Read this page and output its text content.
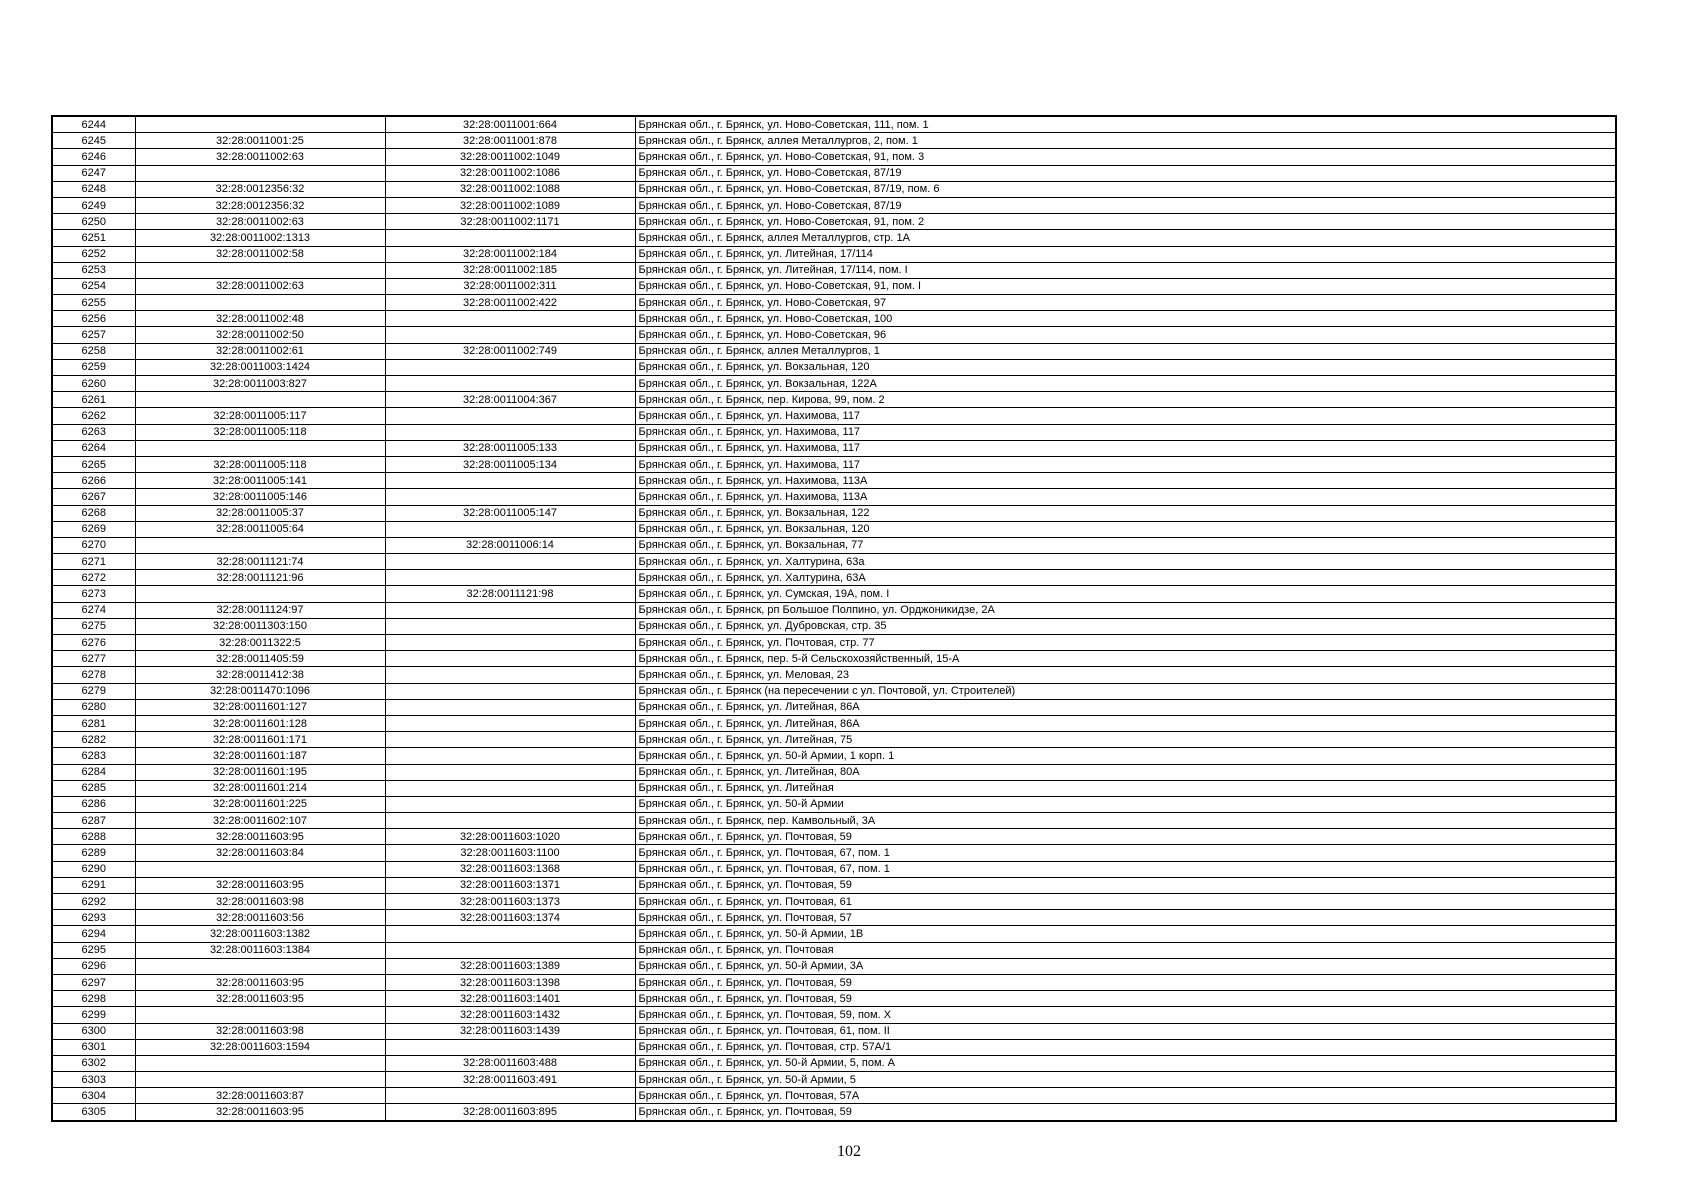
6244		32:28:0011001:664	Брянская обл., г. Брянск, ул. Ново-Советская, 111, пом. 1
6245	32:28:0011001:25	32:28:0011001:878	Брянская обл., г. Брянск, аллея Металлургов, 2, пом. 1
6246	32:28:0011002:63	32:28:0011002:1049	Брянская обл., г. Брянск, ул. Ново-Советская, 91, пом. 3
6247		32:28:0011002:1086	Брянская обл., г. Брянск, ул. Ново-Советская, 87/19
6248	32:28:0012356:32	32:28:0011002:1088	Брянская обл., г. Брянск, ул. Ново-Советская, 87/19, пом. 6
6249	32:28:0012356:32	32:28:0011002:1089	Брянская обл., г. Брянск, ул. Ново-Советская, 87/19
6250	32:28:0011002:63	32:28:0011002:1171	Брянская обл., г. Брянск, ул. Ново-Советская, 91, пом. 2
6251	32:28:0011002:1313		Брянская обл., г. Брянск, аллея Металлургов, стр. 1А
6252	32:28:0011002:58	32:28:0011002:184	Брянская обл., г. Брянск, ул. Литейная, 17/114
6253		32:28:0011002:185	Брянская обл., г. Брянск, ул. Литейная, 17/114, пом. I
6254	32:28:0011002:63	32:28:0011002:311	Брянская обл., г. Брянск, ул. Ново-Советская, 91, пом. I
6255		32:28:0011002:422	Брянская обл., г. Брянск, ул. Ново-Советская, 97
6256	32:28:0011002:48		Брянская обл., г. Брянск, ул. Ново-Советская, 100
6257	32:28:0011002:50		Брянская обл., г. Брянск, ул. Ново-Советская, 96
6258	32:28:0011002:61	32:28:0011002:749	Брянская обл., г. Брянск, аллея Металлургов, 1
6259	32:28:0011003:1424		Брянская обл., г. Брянск, ул. Вокзальная, 120
6260	32:28:0011003:827		Брянская обл., г. Брянск, ул. Вокзальная, 122А
6261		32:28:0011004:367	Брянская обл., г. Брянск, пер. Кирова, 99, пом. 2
6262	32:28:0011005:117		Брянская обл., г. Брянск, ул. Нахимова, 117
6263	32:28:0011005:118		Брянская обл., г. Брянск, ул. Нахимова, 117
6264		32:28:0011005:133	Брянская обл., г. Брянск, ул. Нахимова, 117
6265	32:28:0011005:118	32:28:0011005:134	Брянская обл., г. Брянск, ул. Нахимова, 117
6266	32:28:0011005:141		Брянская обл., г. Брянск, ул. Нахимова, 113А
6267	32:28:0011005:146		Брянская обл., г. Брянск, ул. Нахимова, 113А
6268	32:28:0011005:37	32:28:0011005:147	Брянская обл., г. Брянск, ул. Вокзальная, 122
6269	32:28:0011005:64		Брянская обл., г. Брянск, ул. Вокзальная, 120
6270		32:28:0011006:14	Брянская обл., г. Брянск, ул. Вокзальная, 77
6271	32:28:0011121:74		Брянская обл., г. Брянск, ул. Халтурина, 63а
6272	32:28:0011121:96		Брянская обл., г. Брянск, ул. Халтурина, 63А
6273		32:28:0011121:98	Брянская обл., г. Брянск, ул. Сумская, 19А, пом. I
6274	32:28:0011124:97		Брянская обл., г. Брянск, рп Большое Полпино, ул. Орджоникидзе, 2А
6275	32:28:0011303:150		Брянская обл., г. Брянск, ул. Дубровская, стр. 35
6276	32:28:0011322:5		Брянская обл., г. Брянск, ул. Почтовая, стр. 77
6277	32:28:0011405:59		Брянская обл., г. Брянск, пер. 5-й Сельскохозяйственный, 15-А
6278	32:28:0011412:38		Брянская обл., г. Брянск, ул. Меловая, 23
6279	32:28:0011470:1096		Брянская обл., г. Брянск (на пересечении с ул. Почтовой, ул. Строителей)
6280	32:28:0011601:127		Брянская обл., г. Брянск, ул. Литейная, 86А
6281	32:28:0011601:128		Брянская обл., г. Брянск, ул. Литейная, 86А
6282	32:28:0011601:171		Брянская обл., г. Брянск, ул. Литейная, 75
6283	32:28:0011601:187		Брянская обл., г. Брянск, ул. 50-й Армии, 1 корп. 1
6284	32:28:0011601:195		Брянская обл., г. Брянск, ул. Литейная, 80А
6285	32:28:0011601:214		Брянская обл., г. Брянск, ул. Литейная
6286	32:28:0011601:225		Брянская обл., г. Брянск, ул. 50-й Армии
6287	32:28:0011602:107		Брянская обл., г. Брянск, пер. Камвольный, 3А
6288	32:28:0011603:95	32:28:0011603:1020	Брянская обл., г. Брянск, ул. Почтовая, 59
6289	32:28:0011603:84	32:28:0011603:1100	Брянская обл., г. Брянск, ул. Почтовая, 67, пом. 1
6290		32:28:0011603:1368	Брянская обл., г. Брянск, ул. Почтовая, 67, пом. 1
6291	32:28:0011603:95	32:28:0011603:1371	Брянская обл., г. Брянск, ул. Почтовая, 59
6292	32:28:0011603:98	32:28:0011603:1373	Брянская обл., г. Брянск, ул. Почтовая, 61
6293	32:28:0011603:56	32:28:0011603:1374	Брянская обл., г. Брянск, ул. Почтовая, 57
6294	32:28:0011603:1382		Брянская обл., г. Брянск, ул. 50-й Армии, 1В
6295	32:28:0011603:1384		Брянская обл., г. Брянск, ул. Почтовая
6296		32:28:0011603:1389	Брянская обл., г. Брянск, ул. 50-й Армии, 3А
6297	32:28:0011603:95	32:28:0011603:1398	Брянская обл., г. Брянск, ул. Почтовая, 59
6298	32:28:0011603:95	32:28:0011603:1401	Брянская обл., г. Брянск, ул. Почтовая, 59
6299		32:28:0011603:1432	Брянская обл., г. Брянск, ул. Почтовая, 59, пом. X
6300	32:28:0011603:98	32:28:0011603:1439	Брянская обл., г. Брянск, ул. Почтовая, 61, пом. II
6301	32:28:0011603:1594		Брянская обл., г. Брянск, ул. Почтовая, стр. 57А/1
6302		32:28:0011603:488	Брянская обл., г. Брянск, ул. 50-й Армии, 5, пом. А
6303		32:28:0011603:491	Брянская обл., г. Брянск, ул. 50-й Армии, 5
6304	32:28:0011603:87		Брянская обл., г. Брянск, ул. Почтовая, 57А
6305	32:28:0011603:95	32:28:0011603:895	Брянская обл., г. Брянск, ул. Почтовая, 59
102
